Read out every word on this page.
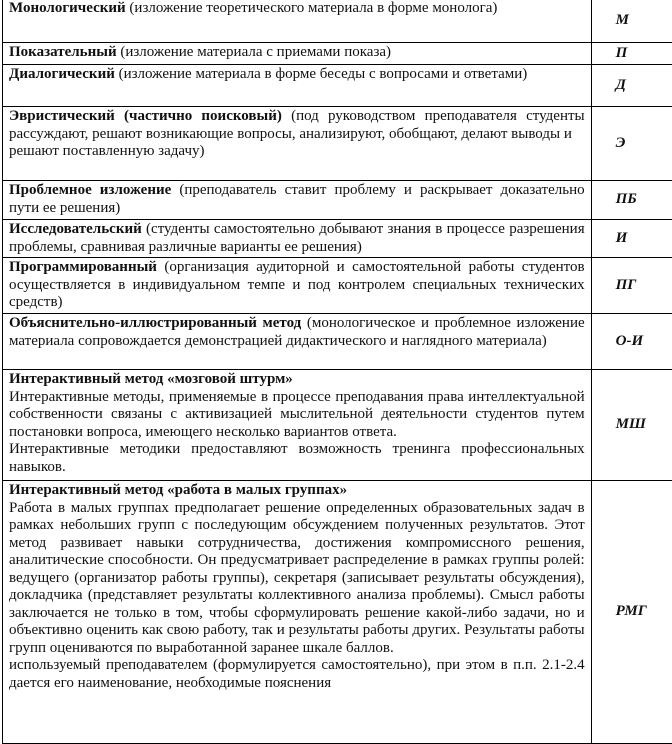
Монологический (изложение теоретического материала в форме монолога)	М
Показательный (изложение материала с приемами показа)	П
Диалогический (изложение материала в форме беседы с вопросами и ответами)	Д
Эвристический (частично поисковый) (под руководством преподавателя студенты рассуждают, решают возникающие вопросы, анализируют, обобщают, делают выводы и
решают поставленную задачу)	Э
Проблемное изложение (преподаватель ставит проблему и раскрывает доказательно пути ее решения)	ПБ
Исследовательский (студенты самостоятельно добывают знания в процессе разрешения проблемы, сравнивая различные варианты ее решения)	И
Программированный (организация аудиторной и самостоятельной работы студентов осуществляется в индивидуальном темпе и под контролем специальных технических средств)	ПГ
Объяснительно-иллюстрированный метод (монологическое и проблемное изложение материала сопровождается демонстрацией дидактического и наглядного материала)	О-И

Интерактивный метод «мозговой штурм»
Интерактивные методы, применяемые в процессе преподавания права интеллектуальной собственности связаны с активизацией мыслительной деятельности студентов путем постановки вопроса, имеющего несколько вариантов ответа.
Интерактивные методики предоставляют возможность тренинга профессиональных навыков.	МШ

Интерактивный метод «работа в малых группах»
Работа в малых группах предполагает решение определенных образовательных задач в рамках небольших групп с последующим обсуждением полученных результатов. Этот метод развивает навыки сотрудничества, достижения компромиссного решения, аналитические способности. Он предусматривает распределение в рамках группы ролей: ведущего (организатор работы группы), секретаря (записывает результаты обсуждения), докладчика (представляет результаты коллективного анализа проблемы). Смысл работы заключается не только в том, чтобы сформулировать решение какой-либо задачи, но и объективно оценить как свою работу, так и результаты работы других. Результаты работы групп оцениваются по выработанной заранее шкале баллов.
используемый преподавателем (формулируется самостоятельно), при этом в п.п. 2.1-2.4 дается его наименование, необходимые пояснения	РМГ
